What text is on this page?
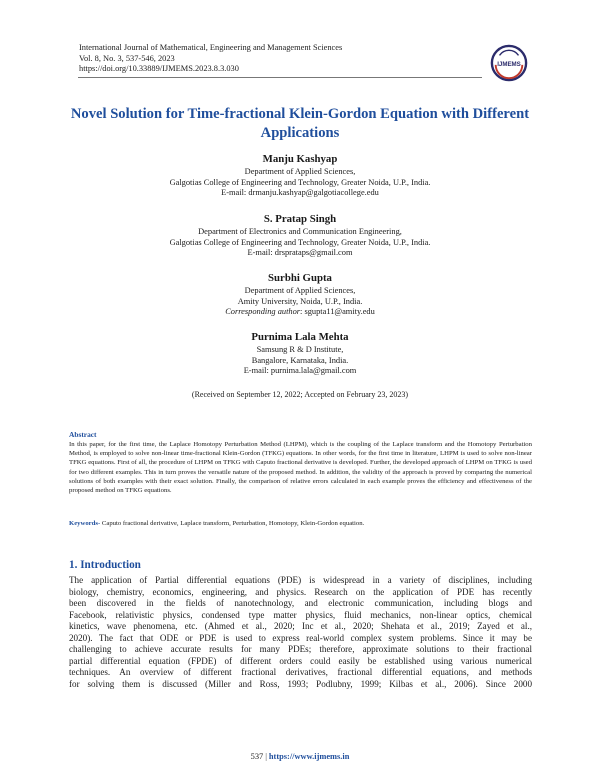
International Journal of Mathematical, Engineering and Management Sciences
Vol. 8, No. 3, 537-546, 2023
https://doi.org/10.33889/IJMEMS.2023.8.3.030	IJMEMS
Novel Solution for Time-fractional Klein-Gordon Equation with Different Applications
Manju Kashyap
Department of Applied Sciences,
Galgotias College of Engineering and Technology, Greater Noida, U.P., India.
E-mail: drmanju.kashyap@galgotiacollege.edu
S. Pratap Singh
Department of Electronics and Communication Engineering,
Galgotias College of Engineering and Technology, Greater Noida, U.P., India.
E-mail: drsprataps@gmail.com
Surbhi Gupta
Department of Applied Sciences,
Amity University, Noida, U.P., India.
Corresponding author: sgupta11@amity.edu
Purnima Lala Mehta
Samsung R & D Institute,
Bangalore, Karnataka, India.
E-mail: purnima.lala@gmail.com
(Received on September 12, 2022; Accepted on February 23, 2023)
Abstract
In this paper, for the first time, the Laplace Homotopy Perturbation Method (LHPM), which is the coupling of the Laplace transform and the Homotopy Perturbation Method, is employed to solve non-linear time-fractional Klein-Gordon (TFKG) equations. In other words, for the first time in literature, LHPM is used to solve non-linear TFKG equations. First of all, the procedure of LHPM on TFKG with Caputo fractional derivative is developed. Further, the developed approach of LHPM on TFKG is used for two different examples. This in turn proves the versatile nature of the proposed method. In addition, the validity of the approach is proved by comparing the numerical solutions of both examples with their exact solution. Finally, the comparison of relative errors calculated in each example proves the efficiency and effectiveness of the proposed method on TFKG equations.
Keywords- Caputo fractional derivative, Laplace transform, Perturbation, Homotopy, Klein-Gordon equation.
1. Introduction
The application of Partial differential equations (PDE) is widespread in a variety of disciplines, including
biology, chemistry, economics, engineering, and physics. Research on the application of PDE has recently
been discovered in the fields of nanotechnology, and electronic communication, including blogs and
Facebook, relativistic physics, condensed type matter physics, fluid mechanics, non-linear optics, chemical
kinetics, wave phenomena, etc. (Ahmed et al., 2020; Inc et al., 2020; Shehata et al., 2019; Zayed et al.,
2020). The fact that ODE or PDE is used to express real-world complex system problems. Since it may be
challenging to achieve accurate results for many PDEs; therefore, approximate solutions to their fractional
partial differential equation (FPDE) of different orders could easily be established using various numerical
techniques. An overview of different fractional derivatives, fractional differential equations, and methods
for solving them is discussed (Miller and Ross, 1993; Podlubny, 1999; Kilbas et al., 2006). Since 2000
537 | https://www.ijmems.in
